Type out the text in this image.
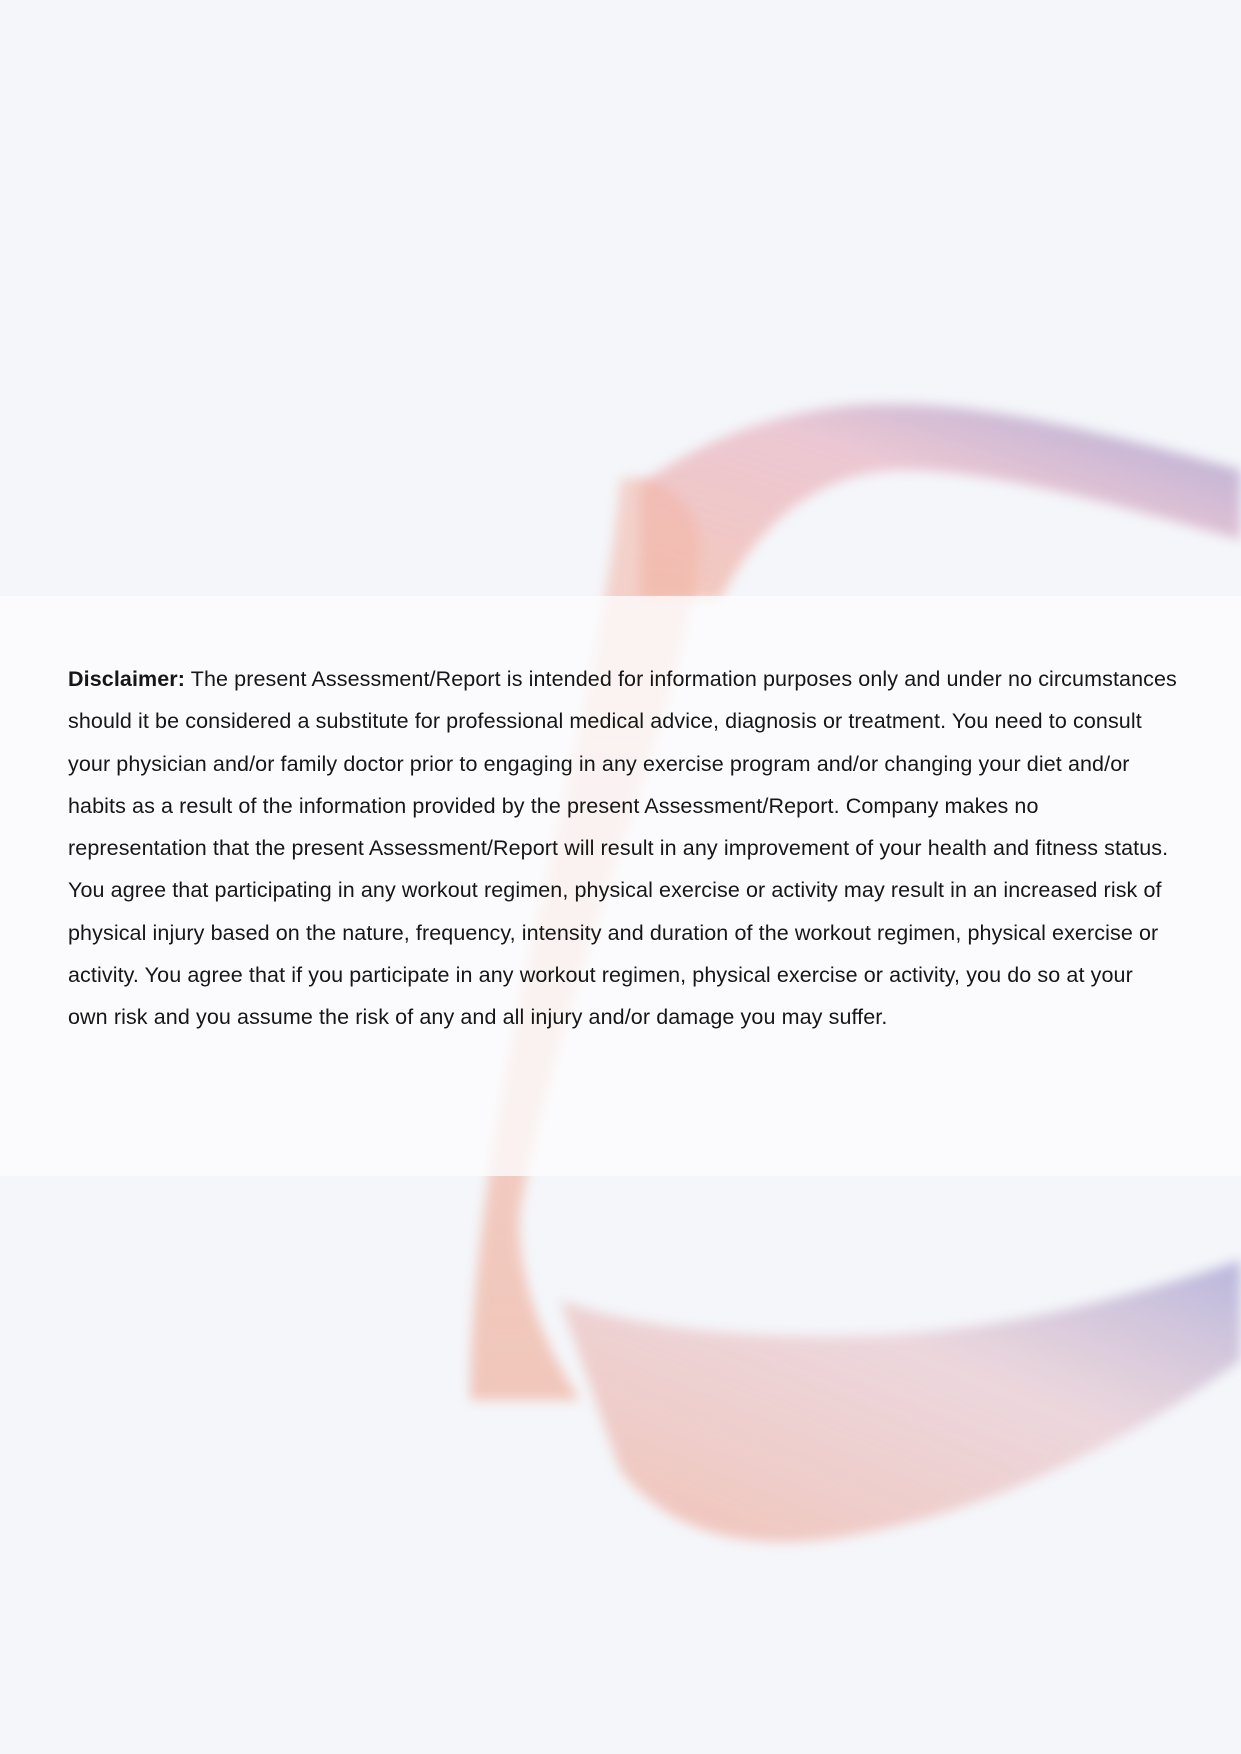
Disclaimer: The present Assessment/Report is intended for information purposes only and under no circumstances should it be considered a substitute for professional medical advice, diagnosis or treatment. You need to consult your physician and/or family doctor prior to engaging in any exercise program and/or changing your diet and/or habits as a result of the information provided by the present Assessment/Report. Company makes no representation that the present Assessment/Report will result in any improvement of your health and fitness status. You agree that participating in any workout regimen, physical exercise or activity may result in an increased risk of physical injury based on the nature, frequency, intensity and duration of the workout regimen, physical exercise or activity. You agree that if you participate in any workout regimen, physical exercise or activity, you do so at your own risk and you assume the risk of any and all injury and/or damage you may suffer.
